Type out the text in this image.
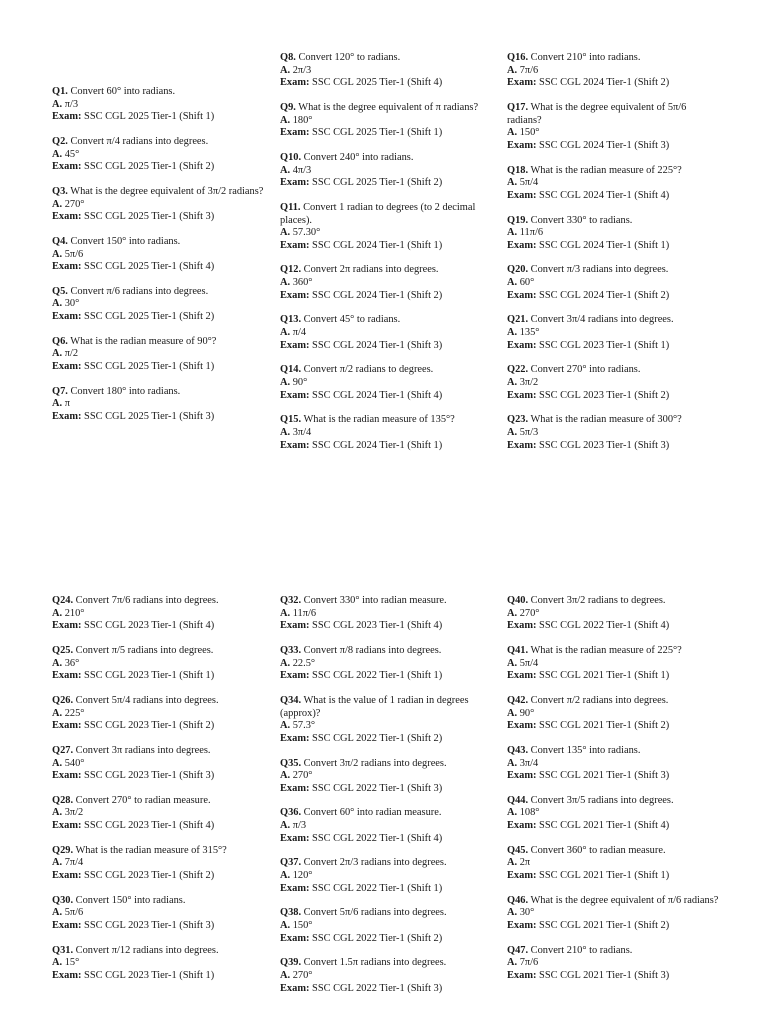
Q1. Convert 60° into radians.
A. π/3
Exam: SSC CGL 2025 Tier-1 (Shift 1)
Q2. Convert π/4 radians into degrees.
A. 45°
Exam: SSC CGL 2025 Tier-1 (Shift 2)
Q3. What is the degree equivalent of 3π/2 radians?
A. 270°
Exam: SSC CGL 2025 Tier-1 (Shift 3)
Q4. Convert 150° into radians.
A. 5π/6
Exam: SSC CGL 2025 Tier-1 (Shift 4)
Q5. Convert π/6 radians into degrees.
A. 30°
Exam: SSC CGL 2025 Tier-1 (Shift 2)
Q6. What is the radian measure of 90°?
A. π/2
Exam: SSC CGL 2025 Tier-1 (Shift 1)
Q7. Convert 180° into radians.
A. π
Exam: SSC CGL 2025 Tier-1 (Shift 3)
Q8. Convert 120° to radians.
A. 2π/3
Exam: SSC CGL 2025 Tier-1 (Shift 4)
Q9. What is the degree equivalent of π radians?
A. 180°
Exam: SSC CGL 2025 Tier-1 (Shift 1)
Q10. Convert 240° into radians.
A. 4π/3
Exam: SSC CGL 2025 Tier-1 (Shift 2)
Q11. Convert 1 radian to degrees (to 2 decimal places).
A. 57.30°
Exam: SSC CGL 2024 Tier-1 (Shift 1)
Q12. Convert 2π radians into degrees.
A. 360°
Exam: SSC CGL 2024 Tier-1 (Shift 2)
Q13. Convert 45° to radians.
A. π/4
Exam: SSC CGL 2024 Tier-1 (Shift 3)
Q14. Convert π/2 radians to degrees.
A. 90°
Exam: SSC CGL 2024 Tier-1 (Shift 4)
Q15. What is the radian measure of 135°?
A. 3π/4
Exam: SSC CGL 2024 Tier-1 (Shift 1)
Q16. Convert 210° into radians.
A. 7π/6
Exam: SSC CGL 2024 Tier-1 (Shift 2)
Q17. What is the degree equivalent of 5π/6 radians?
A. 150°
Exam: SSC CGL 2024 Tier-1 (Shift 3)
Q18. What is the radian measure of 225°?
A. 5π/4
Exam: SSC CGL 2024 Tier-1 (Shift 4)
Q19. Convert 330° to radians.
A. 11π/6
Exam: SSC CGL 2024 Tier-1 (Shift 1)
Q20. Convert π/3 radians into degrees.
A. 60°
Exam: SSC CGL 2024 Tier-1 (Shift 2)
Q21. Convert 3π/4 radians into degrees.
A. 135°
Exam: SSC CGL 2023 Tier-1 (Shift 1)
Q22. Convert 270° into radians.
A. 3π/2
Exam: SSC CGL 2023 Tier-1 (Shift 2)
Q23. What is the radian measure of 300°?
A. 5π/3
Exam: SSC CGL 2023 Tier-1 (Shift 3)
Q24. Convert 7π/6 radians into degrees.
A. 210°
Exam: SSC CGL 2023 Tier-1 (Shift 4)
Q25. Convert π/5 radians into degrees.
A. 36°
Exam: SSC CGL 2023 Tier-1 (Shift 1)
Q26. Convert 5π/4 radians into degrees.
A. 225°
Exam: SSC CGL 2023 Tier-1 (Shift 2)
Q27. Convert 3π radians into degrees.
A. 540°
Exam: SSC CGL 2023 Tier-1 (Shift 3)
Q28. Convert 270° to radian measure.
A. 3π/2
Exam: SSC CGL 2023 Tier-1 (Shift 4)
Q29. What is the radian measure of 315°?
A. 7π/4
Exam: SSC CGL 2023 Tier-1 (Shift 2)
Q30. Convert 150° into radians.
A. 5π/6
Exam: SSC CGL 2023 Tier-1 (Shift 3)
Q31. Convert π/12 radians into degrees.
A. 15°
Exam: SSC CGL 2023 Tier-1 (Shift 1)
Q32. Convert 330° into radian measure.
A. 11π/6
Exam: SSC CGL 2023 Tier-1 (Shift 4)
Q33. Convert π/8 radians into degrees.
A. 22.5°
Exam: SSC CGL 2022 Tier-1 (Shift 1)
Q34. What is the value of 1 radian in degrees (approx)?
A. 57.3°
Exam: SSC CGL 2022 Tier-1 (Shift 2)
Q35. Convert 3π/2 radians into degrees.
A. 270°
Exam: SSC CGL 2022 Tier-1 (Shift 3)
Q36. Convert 60° into radian measure.
A. π/3
Exam: SSC CGL 2022 Tier-1 (Shift 4)
Q37. Convert 2π/3 radians into degrees.
A. 120°
Exam: SSC CGL 2022 Tier-1 (Shift 1)
Q38. Convert 5π/6 radians into degrees.
A. 150°
Exam: SSC CGL 2022 Tier-1 (Shift 2)
Q39. Convert 1.5π radians into degrees.
A. 270°
Exam: SSC CGL 2022 Tier-1 (Shift 3)
Q40. Convert 3π/2 radians to degrees.
A. 270°
Exam: SSC CGL 2022 Tier-1 (Shift 4)
Q41. What is the radian measure of 225°?
A. 5π/4
Exam: SSC CGL 2021 Tier-1 (Shift 1)
Q42. Convert π/2 radians into degrees.
A. 90°
Exam: SSC CGL 2021 Tier-1 (Shift 2)
Q43. Convert 135° into radians.
A. 3π/4
Exam: SSC CGL 2021 Tier-1 (Shift 3)
Q44. Convert 3π/5 radians into degrees.
A. 108°
Exam: SSC CGL 2021 Tier-1 (Shift 4)
Q45. Convert 360° to radian measure.
A. 2π
Exam: SSC CGL 2021 Tier-1 (Shift 1)
Q46. What is the degree equivalent of π/6 radians?
A. 30°
Exam: SSC CGL 2021 Tier-1 (Shift 2)
Q47. Convert 210° to radians.
A. 7π/6
Exam: SSC CGL 2021 Tier-1 (Shift 3)
